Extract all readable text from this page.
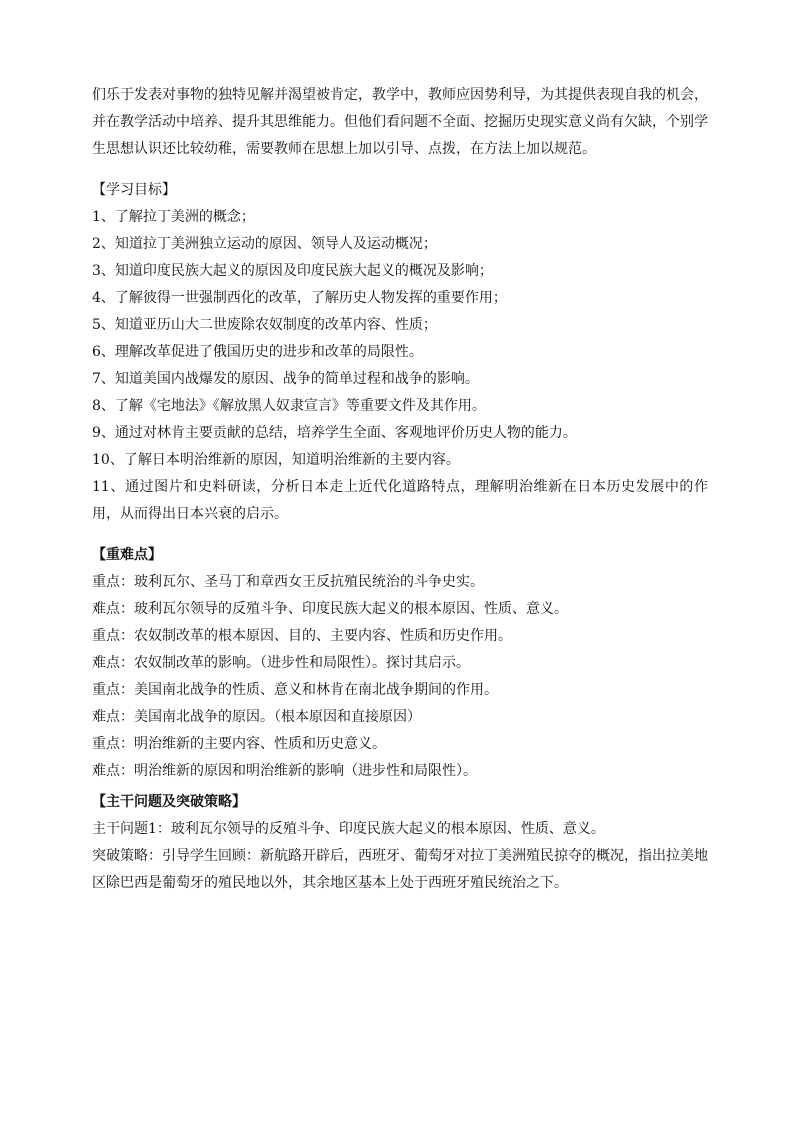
们乐于发表对事物的独特见解并渴望被肯定，教学中，教师应因势利导，为其提供表现自我的机会，并在教学活动中培养、提升其思维能力。但他们看问题不全面、挖掘历史现实意义尚有欠缺，个别学生思想认识还比较幼稚，需要教师在思想上加以引导、点拨，在方法上加以规范。

【学习目标】

1、了解拉丁美洲的概念；

2、知道拉丁美洲独立运动的原因、领导人及运动概况；

3、知道印度民族大起义的原因及印度民族大起义的概况及影响；

4、了解彼得一世强制西化的改革，了解历史人物发挥的重要作用；

5、知道亚历山大二世废除农奴制度的改革内容、性质；

6、理解改革促进了俄国历史的进步和改革的局限性。

7、知道美国内战爆发的原因、战争的简单过程和战争的影响。

8、了解《宅地法》《解放黑人奴隶宣言》等重要文件及其作用。

9、通过对林肯主要贡献的总结，培养学生全面、客观地评价历史人物的能力。

10、了解日本明治维新的原因，知道明治维新的主要内容。

11、通过图片和史料研读，分析日本走上近代化道路特点，理解明治维新在日本历史发展中的作用，从而得出日本兴衰的启示。

【重难点】

重点：玻利瓦尔、圣马丁和章西女王反抗殖民统治的斗争史实。

难点：玻利瓦尔领导的反殖斗争、印度民族大起义的根本原因、性质、意义。

重点：农奴制改革的根本原因、目的、主要内容、性质和历史作用。

难点：农奴制改革的影响。（进步性和局限性）。探讨其启示。

重点：美国南北战争的性质、意义和林肯在南北战争期间的作用。

难点：美国南北战争的原因。（根本原因和直接原因）

重点：明治维新的主要内容、性质和历史意义。

难点：明治维新的原因和明治维新的影响（进步性和局限性）。

【主干问题及突破策略】

主干问题1：玻利瓦尔领导的反殖斗争、印度民族大起义的根本原因、性质、意义。

突破策略：引导学生回顾：新航路开辟后，西班牙、葡萄牙对拉丁美洲殖民掠夺的概况，指出拉美地区除巴西是葡萄牙的殖民地以外，其余地区基本上处于西班牙殖民统治之下。
